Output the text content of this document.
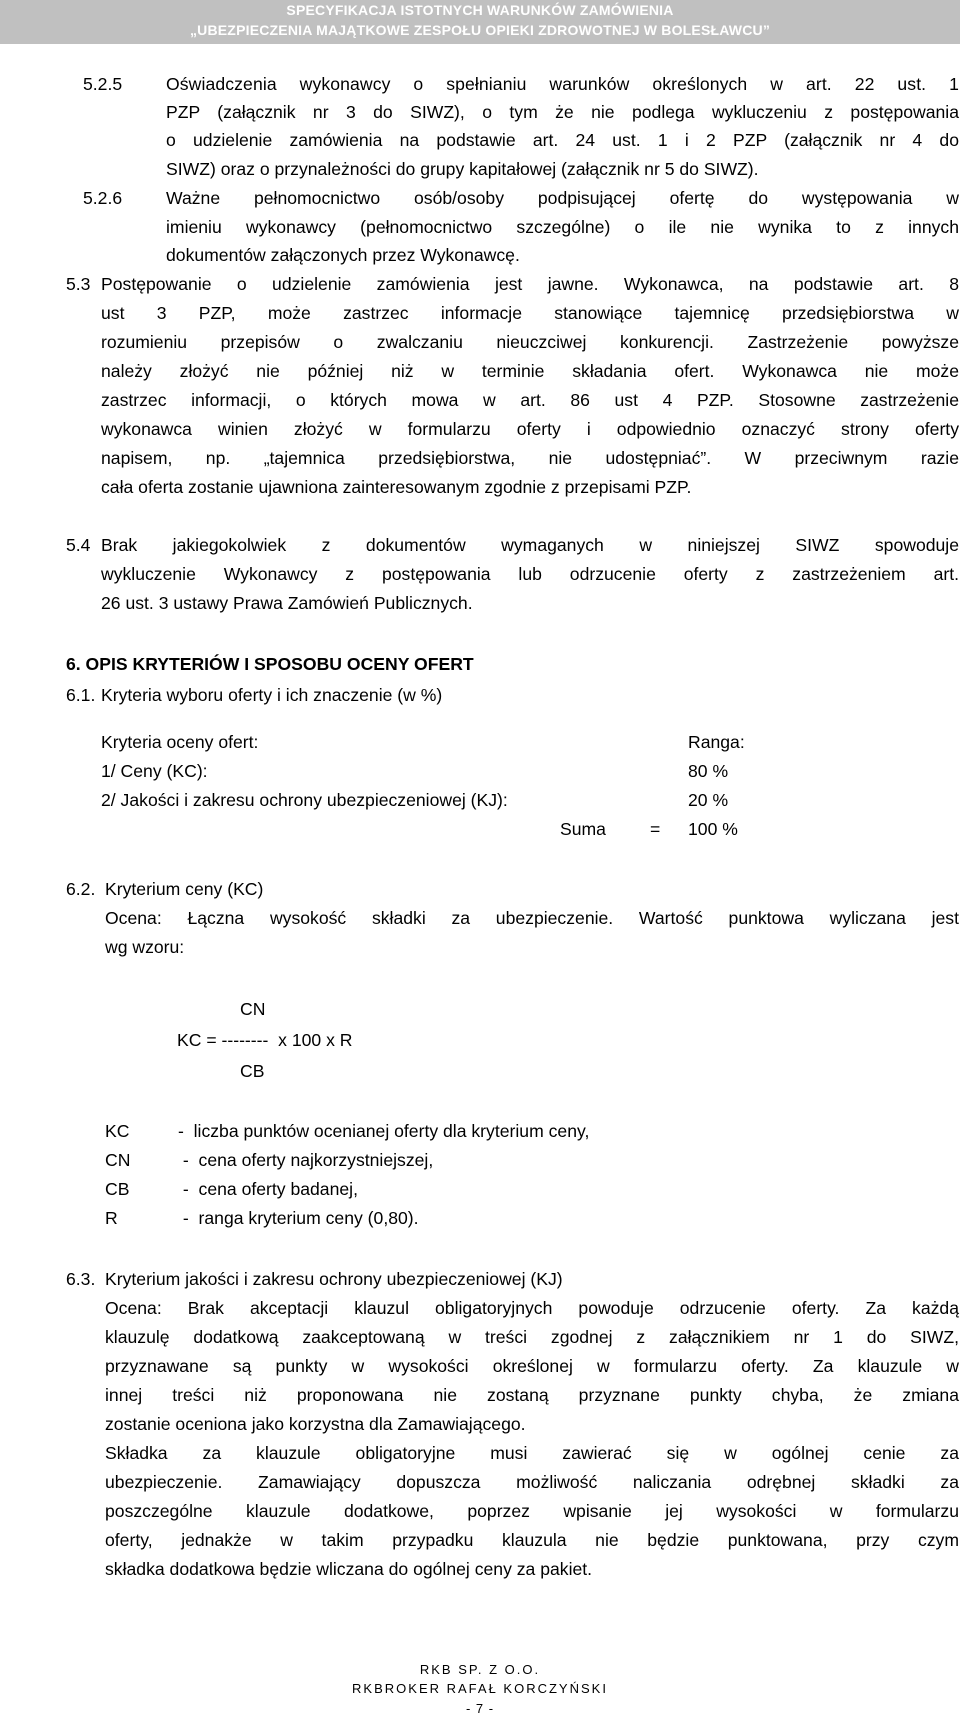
SPECYFIKACJA ISTOTNYCH WARUNKÓW ZAMÓWIENIA
„UBEZPIECZENIA MAJĄTKOWE ZESPOŁU OPIEKI ZDROWOTNEJ W BOLESŁAWCU”
5.2.5 Oświadczenia wykonawcy o spełnianiu warunków określonych w art. 22 ust. 1
PZP (załącznik nr 3 do SIWZ), o tym że nie podlega wykluczeniu z postępowania
o udzielenie zamówienia na podstawie art. 24 ust. 1 i 2 PZP (załącznik nr 4 do
SIWZ) oraz o przynależności do grupy kapitałowej (załącznik nr 5 do SIWZ).
5.2.6 Ważne pełnomocnictwo osób/osoby podpisującej ofertę do występowania w
imieniu wykonawcy (pełnomocnictwo szczególne) o ile nie wynika to z innych
dokumentów załączonych przez Wykonawcę.
5.3 Postępowanie o udzielenie zamówienia jest jawne. Wykonawca, na podstawie art. 8
ust 3 PZP, może zastrzec informacje stanowiące tajemnicę przedsiębiorstwa w
rozumieniu przepisów o zwalczaniu nieuczciwej konkurencji. Zastrzeżenie powyższe
należy złożyć nie później niż w terminie składania ofert. Wykonawca nie może
zastrzec informacji, o których mowa w art. 86 ust 4 PZP. Stosowne zastrzeżenie
wykonawca winien złożyć w formularzu oferty i odpowiednio oznaczyć strony oferty
napisem, np. „tajemnica przedsiębiorstwa, nie udostępniać”. W przeciwnym razie
cała oferta zostanie ujawniona zainteresowanym zgodnie z przepisami PZP.
5.4 Brak jakiegokolwiek z dokumentów wymaganych w niniejszej SIWZ spowoduje
wykluczenie Wykonawcy z postępowania lub odrzucenie oferty z zastrzeżeniem art.
26 ust. 3 ustawy Prawa Zamówień Publicznych.
6. OPIS KRYTERIÓW I SPOSOBU OCENY OFERT
6.1. Kryteria wyboru oferty i ich znaczenie (w %)
Kryteria oceny ofert:	Ranga:
1/ Ceny (KC):	80 %
2/ Jakości i zakresu ochrony ubezpieczeniowej (KJ):	20 %
Suma	= 100 %
6.2. Kryterium ceny (KC)
Ocena: Łączna wysokość składki za ubezpieczenie. Wartość punktowa wyliczana jest
wg wzoru:
CN
KC = --------  x 100 x R
CB
KC	-  liczba punktów ocenianej oferty dla kryterium ceny,
CN	-  cena oferty najkorzystniejszej,
CB	-  cena oferty badanej,
R	-  ranga kryterium ceny (0,80).
6.3. Kryterium jakości i zakresu ochrony ubezpieczeniowej (KJ)
Ocena: Brak akceptacji klauzul obligatoryjnych powoduje odrzucenie oferty. Za każdą
klauzulę dodatkową zaakceptowaną w treści zgodnej z załącznikiem nr 1 do SIWZ,
przyznawane są punkty w wysokości określonej w formularzu oferty. Za klauzule w
innej treści niż proponowana nie zostaną przyznane punkty chyba, że zmiana
zostanie oceniona jako korzystna dla Zamawiającego.
Składka za klauzule obligatoryjne musi zawierać się w ogólnej cenie za
ubezpieczenie. Zamawiający dopuszcza możliwość naliczania odrębnej składki za
poszczególne klauzule dodatkowe, poprzez wpisanie jej wysokości w formularzu
oferty, jednakże w takim przypadku klauzula nie będzie punktowana, przy czym
składka dodatkowa będzie wliczana do ogólnej ceny za pakiet.
RKB SP. Z O.O.
RKBROKER RAFAŁ KORCZYŃSKI
- 7 -
